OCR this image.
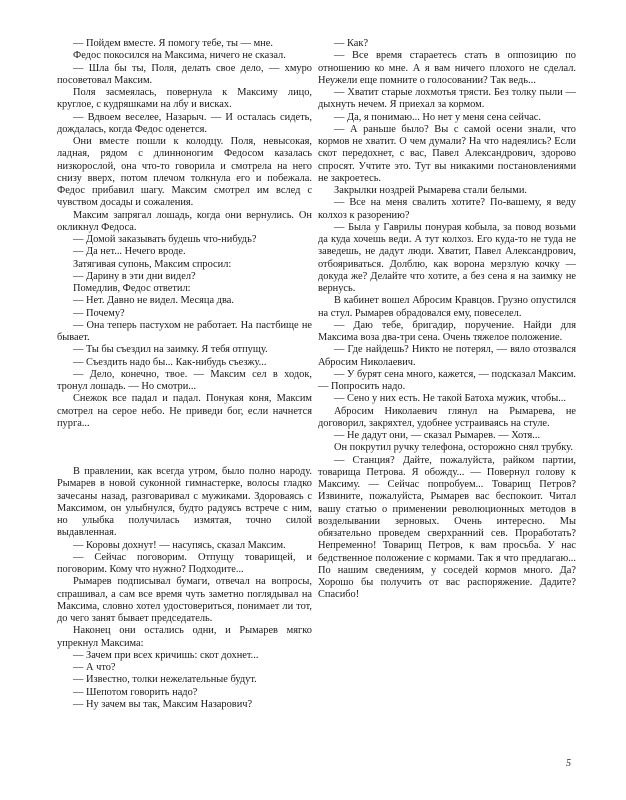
— Пойдем вместе. Я помогу тебе, ты — мне.

Федос покосился на Максима, ничего не сказал.

— Шла бы ты, Поля, делать свое дело, — хмуро посоветовал Максим.

Поля засмеялась, повернула к Максиму лицо, круглое, с кудряшками на лбу и висках.

— Вдвоем веселее, Назарыч. — И осталась сидеть, дождалась, когда Федос оденется.

Они вместе пошли к колодцу. Поля, невысокая, ладная, рядом с длинноногим Федосом казалась низкорослой, она что-то говорила и смотрела на него снизу вверх, потом плечом толкнула его и побежала. Федос прибавил шагу. Максим смотрел им вслед с чувством досады и сожаления.

Максим запрягал лошадь, когда они вернулись. Он окликнул Федоса.

— Домой заказывать будешь что-нибудь?

— Да нет... Нечего вроде.

Затягивая супонь, Максим спросил:

— Дарину в эти дни видел?

Помедлив, Федос ответил:

— Нет. Давно не видел. Месяца два.

— Почему?

— Она теперь пастухом не работает. На пастбище не бывает.

— Ты бы съездил на заимку. Я тебя отпущу.

— Съездить надо бы... Как-нибудь съезжу...

— Дело, конечно, твое. — Максим сел в ходок, тронул лошадь. — Но смотри...

Снежок все падал и падал. Понукая коня, Максим смотрел на серое небо. Не приведи бог, если начнется пурга...

В правлении, как всегда утром, было полно народу. Рымарев в новой суконной гимнастерке, волосы гладко зачесаны назад, разговаривал с мужиками. Здороваясь с Максимом, он улыбнулся, будто радуясь встрече с ним, но улыбка получилась измятая, точно силой выдавленная.

— Коровы дохнут! — насупясь, сказал Максим.

— Сейчас поговорим. Отпущу товарищей, и поговорим. Кому что нужно? Подходите...

Рымарев подписывал бумаги, отвечал на вопросы, спрашивал, а сам все время чуть заметно поглядывал на Максима, словно хотел удостовериться, понимает ли тот, до чего занят бывает председатель.

Наконец они остались одни, и Рымарев мягко упрекнул Максима:

— Зачем при всех кричишь: скот дохнет...

— А что?

— Известно, толки нежелательные будут.

— Шепотом говорить надо?

— Ну зачем вы так, Максим Назарович?

— Как?

— Все время стараетесь стать в оппозицию по отношению ко мне. А я вам ничего плохого не сделал. Неужели еще помните о голосовании? Так ведь...

— Хватит старые лохмотья трясти. Без толку пыли — дыхнуть нечем. Я приехал за кормом.

— Да, я понимаю... Но нет у меня сена сейчас.

— А раньше было? Вы с самой осени знали, что кормов не хватит. О чем думали? На что надеялись? Если скот передохнет, с вас, Павел Александрович, здорово спросят. Учтите это. Тут вы никакими постановлениями не закроетесь.

Закрылки ноздрей Рымарева стали белыми.

— Все на меня свалить хотите? По-вашему, я веду колхоз к разорению?

— Была у Гаврилы понурая кобыла, за повод возьми да куда хочешь веди. А тут колхоз. Его куда-то не туда не заведешь, не дадут люди. Хватит, Павел Александрович, отбояриваться. Долблю, как ворона мерзлую кочку — докуда же? Делайте что хотите, а без сена я на заимку не вернусь.

В кабинет вошел Абросим Кравцов. Грузно опустился на стул. Рымарев обрадовался ему, повеселел.

— Даю тебе, бригадир, поручение. Найди для Максима воза два-три сена. Очень тяжелое положение.

— Где найдешь? Никто не потерял, — вяло отозвался Абросим Николаевич.

— У бурят сена много, кажется, — подсказал Максим. — Попросить надо.

— Сено у них есть. Не такой Батоха мужик, чтобы...

Абросим Николаевич глянул на Рымарева, не договорил, закряхтел, удобнее устраиваясь на стуле.

— Не дадут они, — сказал Рымарев. — Хотя...

Он покрутил ручку телефона, осторожно снял трубку.

— Станция? Дайте, пожалуйста, райком партии, товарища Петрова. Я обожду... — Повернул голову к Максиму. — Сейчас попробуем... Товарищ Петров? Извините, пожалуйста, Рымарев вас беспокоит. Читал вашу статью о применении революционных методов в возделывании зерновых. Очень интересно. Мы обязательно проведем сверхранний сев. Проработать? Непременно! Товарищ Петров, к вам просьба. У нас бедственное положение с кормами. Так я что предлагаю... По нашим сведениям, у соседей кормов много. Да? Хорошо бы получить от вас распоряжение. Дадите? Спасибо!

5
